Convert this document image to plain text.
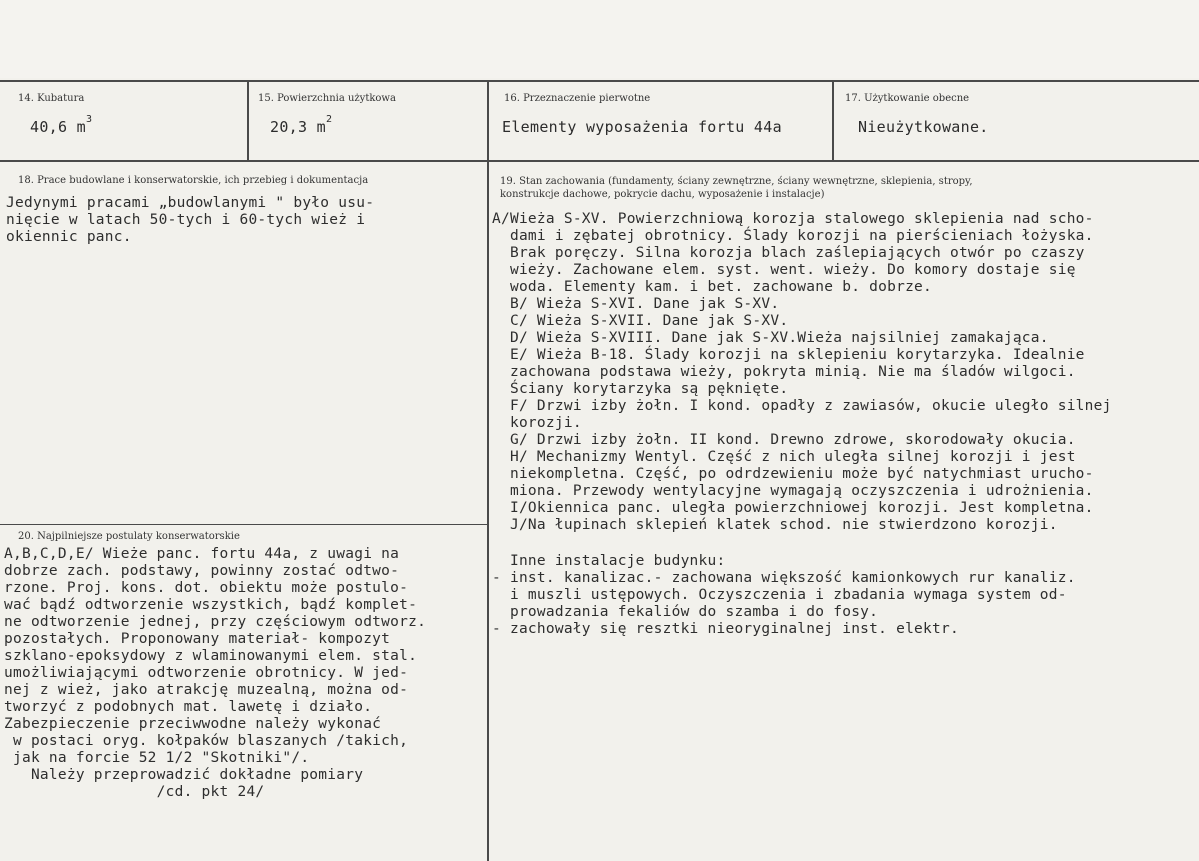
14. Kubatura
40,6 $m^3$
15. Powierzchnia użytkowa
20,3 $m^2$
16. Przeznaczenie pierwotne
Elementy wyposażenia fortu 44a
17. Użytkowanie obecne
Nieużytkowane.
18. Prace budowlane i konserwatorskie, ich przebieg i dokumentacja
Jedynymi pracami „budowlanymi " było usu-
nięcie w latach 50-tych i 60-tych wież i
okiennic panc.
19. Stan zachowania (fundamenty, ściany zewnętrzne, ściany wewnętrzne, sklepienia, stropy,
konstrukcje dachowe, pokrycie dachu, wyposażenie i instalacje)
A/Wieża S-XV. Powierzchniową korozja stalowego sklepienia nad scho-
dami i zębatej obrotnicy. Ślady korozji na pierścieniach łożyska.
Brak poręczy. Silna korozja blach zaślepiających otwór po czaszy
wieży. Zachowane elem. syst. went. wieży. Do komory dostaje się
woda. Elementy kam. i bet. zachowane b. dobrze.
B/ Wieża S-XVI. Dane jak S-XV.
C/ Wieża S-XVII. Dane jak S-XV.
D/ Wieża S-XVIII. Dane jak S-XV.Wieża najsilniej zamakająca.
E/ Wieża B-18. Ślady korozji na sklepieniu korytarzyka. Idealnie
zachowana podstawa wieży, pokryta minią. Nie ma śladów wilgoci.
Ściany korytarzyka są pęknięte.
F/ Drzwi izby żołn. I kond. opadły z zawiasów, okucie uległo silnej
korozji.
G/ Drzwi izby żołn. II kond. Drewno zdrowe, skorodowały okucia.
H/ Mechanizmy Wentyl. Część z nich uległa silnej korozji i jest
niekompletna. Część, po odrdzewieniu może być natychmiast urucho-
miona. Przewody wentylacyjne wymagają oczyszczenia i udrożnienia.
I/Okiennica panc. uległa powierzchniowej korozji. Jest kompletna.
J/Na łupinach sklepień klatek schod. nie stwierdzono korozji.
Inne instalacje budynku:
- inst. kanalizac.- zachowana większość kamionkowych rur kanaliz.
i muszli ustępowych. Oczyszczenia i zbadania wymaga system od-
prowadzania fekaliów do szamba i do fosy.
- zachowały się resztki nieoryginalnej inst. elektr.
20. Najpilniejsze postulaty konserwatorskie
A,B,C,D,E/ Wieże panc. fortu 44a, z uwagi na
dobrze zach. podstawy, powinny zostać odtwo-
rzone. Proj. kons. dot. obiektu może postulo-
wać bądź odtworzenie wszystkich, bądź komplet-
ne odtworzenie jednej, przy częściowym odtworz.
pozostałych. Proponowany materiał- kompozyt
szklano-epoksydowy z wlaminowanymi elem. stal.
umożliwiającymi odtworzenie obrotnicy. W jed-
nej z wież, jako atrakcję muzealną, można od-
tworzyć z podobnych mat. lawetę i działo.
Zabezpieczenie przeciwwodne należy wykonać
w postaci oryg. kołpaków blaszanych /takich,
jak na forcie 52 1/2 "Skotniki"/.
Należy przeprowadzić dokładne pomiary
/cd. pkt 24/
